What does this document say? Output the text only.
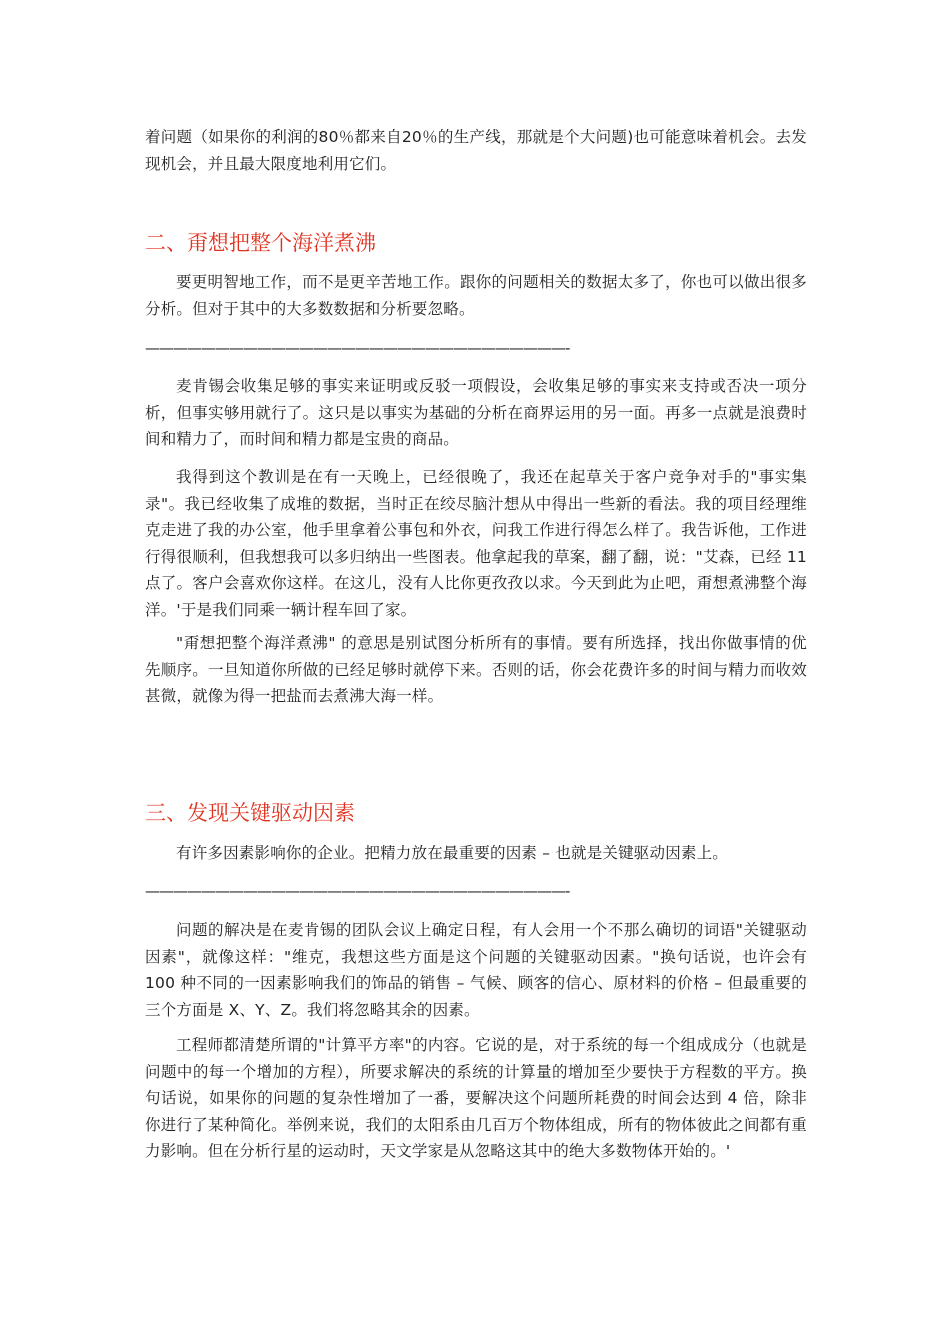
着问题（如果你的利润的80％都来自20％的生产线，那就是个大问题)也可能意味着机会。去发现机会，并且最大限度地利用它们。

二、甭想把整个海洋煮沸

要更明智地工作，而不是更辛苦地工作。跟你的问题相关的数据太多了，你也可以做出很多分析。但对于其中的大多数数据和分析要忽略。

——————————————————————————————-

麦肯锡会收集足够的事实来证明或反驳一项假设，会收集足够的事实来支持或否决一项分析，但事实够用就行了。这只是以事实为基础的分析在商界运用的另一面。再多一点就是浪费时间和精力了，而时间和精力都是宝贵的商品。

我得到这个教训是在有一天晚上，已经很晚了，我还在起草关于客户竞争对手的"事实集录"。我已经收集了成堆的数据，当时正在绞尽脑汁想从中得出一些新的看法。我的项目经理维克走进了我的办公室，他手里拿着公事包和外衣，问我工作进行得怎么样了。我告诉他，工作进行得很顺利，但我想我可以多归纳出一些图表。他拿起我的草案，翻了翻，说："艾森，已经 11 点了。客户会喜欢你这样。在这儿，没有人比你更孜孜以求。今天到此为止吧，甭想煮沸整个海洋。'于是我们同乘一辆计程车回了家。

"甭想把整个海洋煮沸" 的意思是别试图分析所有的事情。要有所选择，找出你做事情的优先顺序。一旦知道你所做的已经足够时就停下来。否则的话，你会花费许多的时间与精力而收效甚微，就像为得一把盐而去煮沸大海一样。

三、发现关键驱动因素

有许多因素影响你的企业。把精力放在最重要的因素 – 也就是关键驱动因素上。

——————————————————————————————-

问题的解决是在麦肯锡的团队会议上确定日程，有人会用一个不那么确切的词语"关键驱动因素"，就像这样："维克，我想这些方面是这个问题的关键驱动因素。"换句话说，也许会有 100 种不同的一因素影响我们的饰品的销售 – 气候、顾客的信心、原材料的价格 – 但最重要的三个方面是 X、Y、Z。我们将忽略其余的因素。

工程师都清楚所谓的"计算平方率"的内容。它说的是，对于系统的每一个组成成分（也就是问题中的每一个增加的方程），所要求解决的系统的计算量的增加至少要快于方程数的平方。换句话说，如果你的问题的复杂性增加了一番，要解决这个问题所耗费的时间会达到 4 倍，除非你进行了某种简化。举例来说，我们的太阳系由几百万个物体组成，所有的物体彼此之间都有重力影响。但在分析行星的运动时，天文学家是从忽略这其中的绝大多数物体开始的。'
